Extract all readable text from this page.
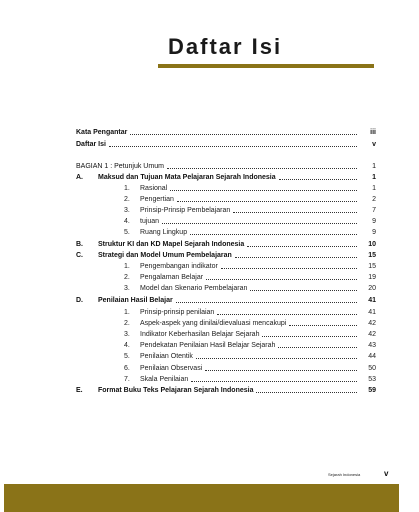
Daftar Isi
Kata Pengantar	iii
Daftar Isi	v
BAGIAN 1 : Petunjuk Umum	1
A. Maksud dan Tujuan Mata Pelajaran Sejarah Indonesia	1
1. Rasional	1
2. Pengertian	2
3. Prinsip-Prinsip Pembelajaran	7
4. tujuan	9
5. Ruang Lingkup	9
B. Struktur KI dan KD Mapel Sejarah Indonesia	10
C. Strategi dan Model Umum Pembelajaran	15
1. Pengembangan indikator	15
2. Pengalaman Belajar	19
3. Model dan Skenario Pembelajaran	20
D. Penilaian Hasil Belajar	41
1. Prinsip-prinsip penilaian	41
2. Aspek-aspek yang dinilai/dievaluasi mencakupi	42
3. Indikator Keberhasilan Belajar Sejarah	42
4. Pendekatan Penilaian Hasil Belajar Sejarah	43
5. Penilaian Otentik	44
6. Penilaian Observasi	50
7. Skala Penilaian	53
E. Format Buku Teks Pelajaran Sejarah Indonesia	59
Sejarah Indonesia	v
